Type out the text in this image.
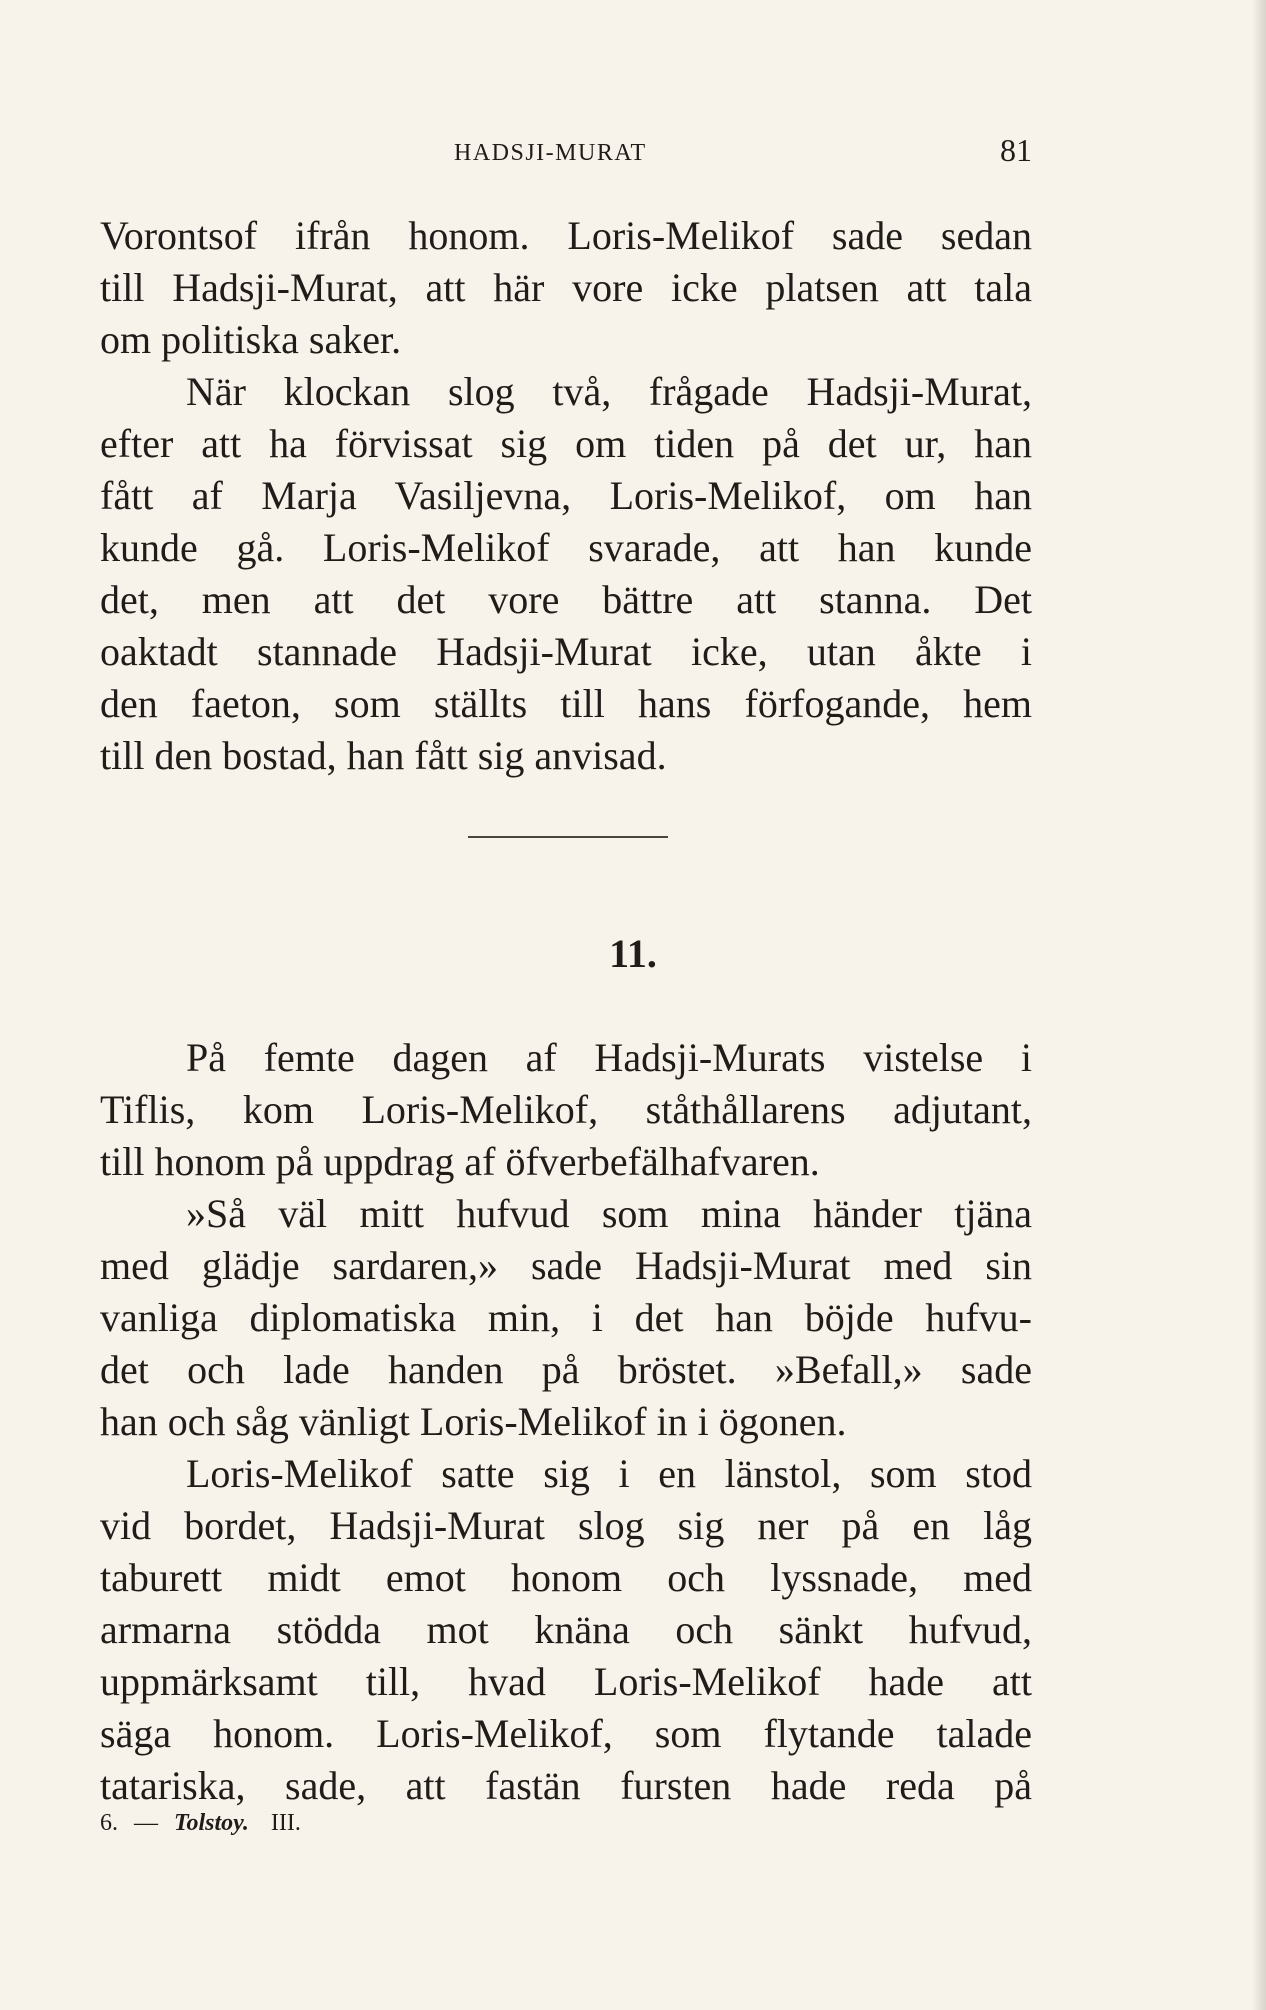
HADSJI-MURAT	81
Vorontsof ifrån honom. Loris-Melikof sade sedan
till Hadsji-Murat, att här vore icke platsen att tala
om politiska saker.
När klockan slog två, frågade Hadsji-Murat,
efter att ha förvissat sig om tiden på det ur, han
fått af Marja Vasiljevna, Loris-Melikof, om han
kunde gå. Loris-Melikof svarade, att han kunde
det, men att det vore bättre att stanna. Det
oaktadt stannade Hadsji-Murat icke, utan åkte i
den faeton, som ställts till hans förfogande, hem
till den bostad, han fått sig anvisad.
11.
På femte dagen af Hadsji-Murats vistelse i
Tiflis, kom Loris-Melikof, ståthållarens adjutant,
till honom på uppdrag af öfverbefälhafvaren.
»Så väl mitt hufvud som mina händer tjäna
med glädje sardaren,» sade Hadsji-Murat med sin
vanliga diplomatiska min, i det han böjde hufvu-
det och lade handen på bröstet. »Befall,» sade
han och såg vänligt Loris-Melikof in i ögonen.
Loris-Melikof satte sig i en länstol, som stod
vid bordet, Hadsji-Murat slog sig ner på en låg
taburett midt emot honom och lyssnade, med
armarna stödda mot knäna och sänkt hufvud,
uppmärksamt till, hvad Loris-Melikof hade att
säga honom. Loris-Melikof, som flytande talade
tatariska, sade, att fastän fursten hade reda på
6. — Tolstoy. III.
